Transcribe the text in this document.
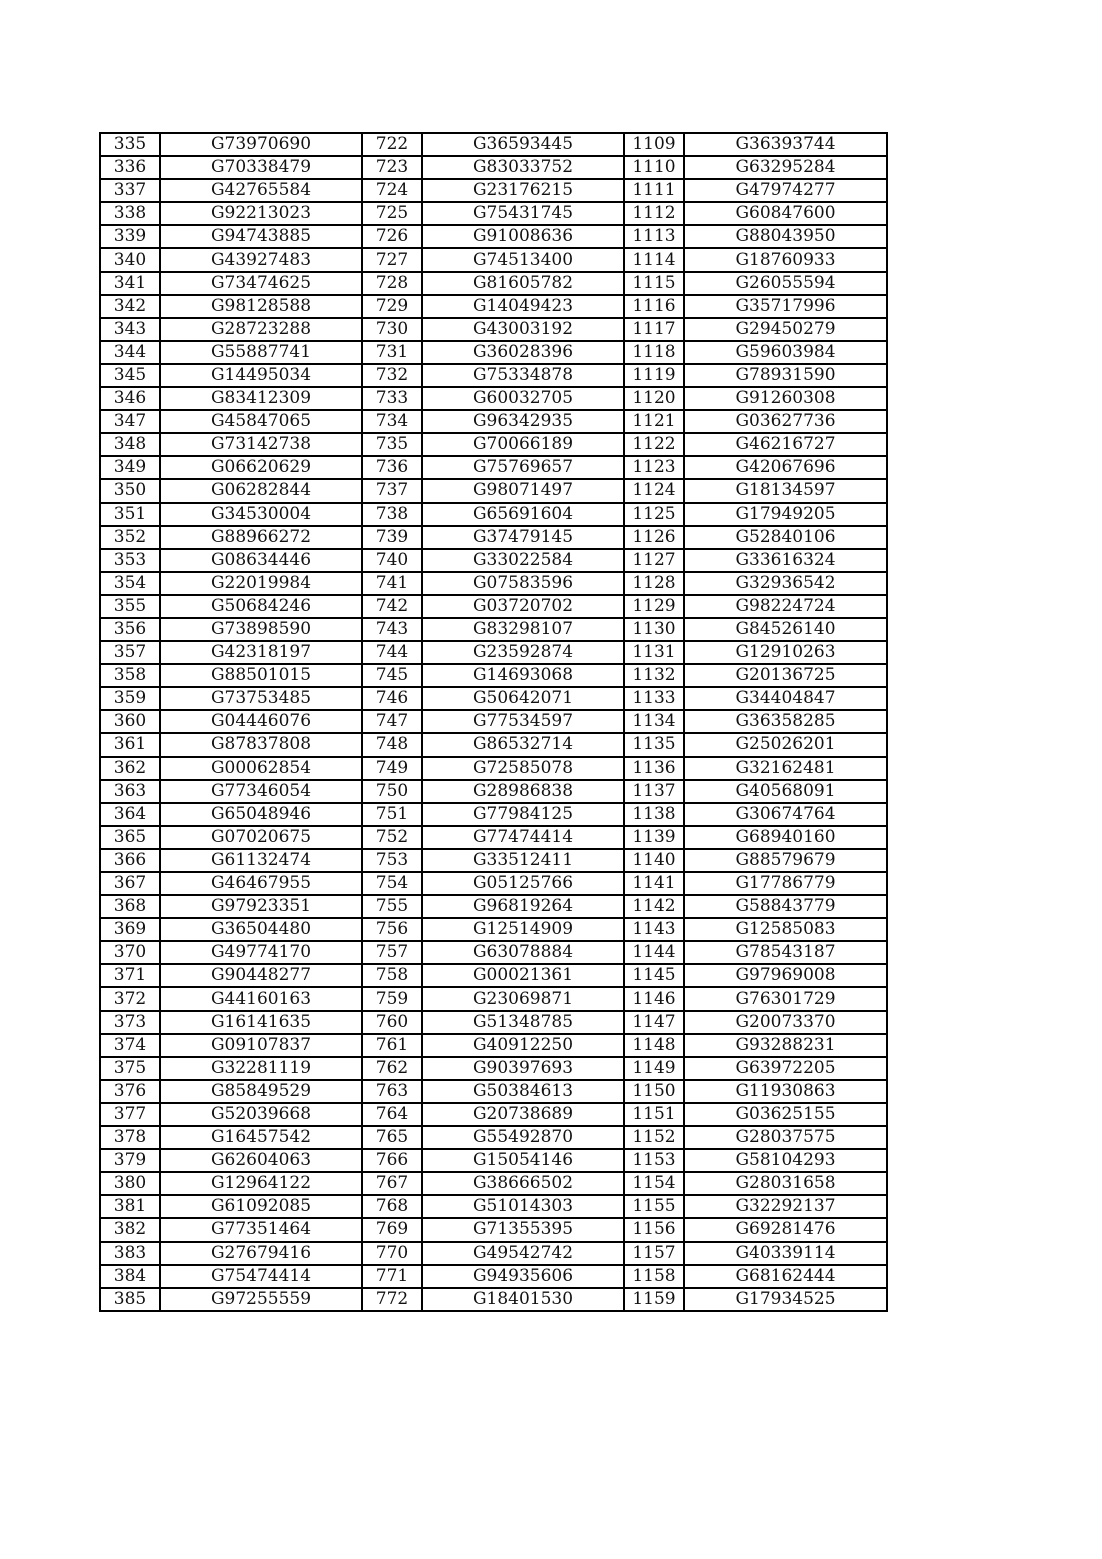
335	G73970690	722	G36593445	1109	G36393744
336	G70338479	723	G83033752	1110	G63295284
337	G42765584	724	G23176215	1111	G47974277
338	G92213023	725	G75431745	1112	G60847600
339	G94743885	726	G91008636	1113	G88043950
340	G43927483	727	G74513400	1114	G18760933
341	G73474625	728	G81605782	1115	G26055594
342	G98128588	729	G14049423	1116	G35717996
343	G28723288	730	G43003192	1117	G29450279
344	G55887741	731	G36028396	1118	G59603984
345	G14495034	732	G75334878	1119	G78931590
346	G83412309	733	G60032705	1120	G91260308
347	G45847065	734	G96342935	1121	G03627736
348	G73142738	735	G70066189	1122	G46216727
349	G06620629	736	G75769657	1123	G42067696
350	G06282844	737	G98071497	1124	G18134597
351	G34530004	738	G65691604	1125	G17949205
352	G88966272	739	G37479145	1126	G52840106
353	G08634446	740	G33022584	1127	G33616324
354	G22019984	741	G07583596	1128	G32936542
355	G50684246	742	G03720702	1129	G98224724
356	G73898590	743	G83298107	1130	G84526140
357	G42318197	744	G23592874	1131	G12910263
358	G88501015	745	G14693068	1132	G20136725
359	G73753485	746	G50642071	1133	G34404847
360	G04446076	747	G77534597	1134	G36358285
361	G87837808	748	G86532714	1135	G25026201
362	G00062854	749	G72585078	1136	G32162481
363	G77346054	750	G28986838	1137	G40568091
364	G65048946	751	G77984125	1138	G30674764
365	G07020675	752	G77474414	1139	G68940160
366	G61132474	753	G33512411	1140	G88579679
367	G46467955	754	G05125766	1141	G17786779
368	G97923351	755	G96819264	1142	G58843779
369	G36504480	756	G12514909	1143	G12585083
370	G49774170	757	G63078884	1144	G78543187
371	G90448277	758	G00021361	1145	G97969008
372	G44160163	759	G23069871	1146	G76301729
373	G16141635	760	G51348785	1147	G20073370
374	G09107837	761	G40912250	1148	G93288231
375	G32281119	762	G90397693	1149	G63972205
376	G85849529	763	G50384613	1150	G11930863
377	G52039668	764	G20738689	1151	G03625155
378	G16457542	765	G55492870	1152	G28037575
379	G62604063	766	G15054146	1153	G58104293
380	G12964122	767	G38666502	1154	G28031658
381	G61092085	768	G51014303	1155	G32292137
382	G77351464	769	G71355395	1156	G69281476
383	G27679416	770	G49542742	1157	G40339114
384	G75474414	771	G94935606	1158	G68162444
385	G97255559	772	G18401530	1159	G17934525
